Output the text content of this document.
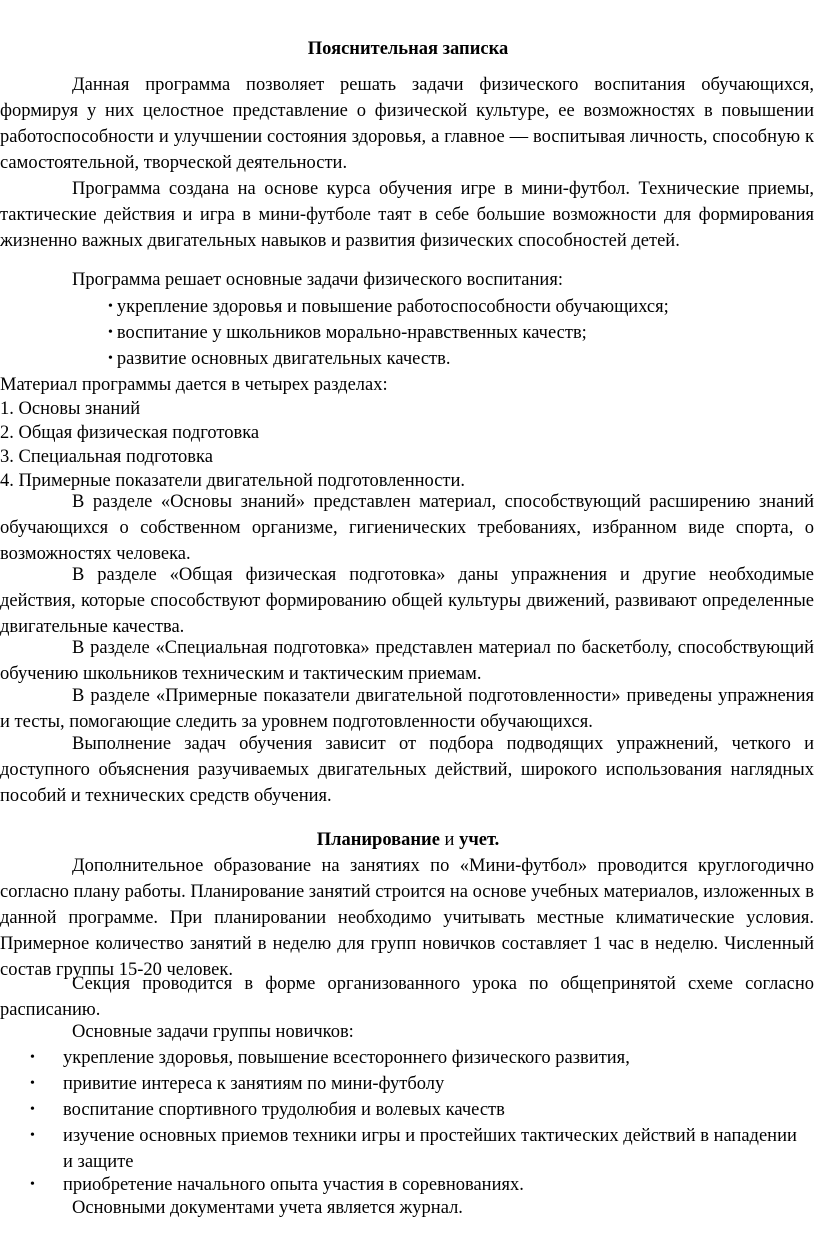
Пояснительная записка

Данная программа позволяет решать задачи физического воспитания обучающихся, формируя у них целостное представление о физической культуре, ее возможностях в повышении работоспособности и улучшении состояния здоровья, а главное — воспитывая личность, способную к самостоятельной, творческой деятельности.

Программа создана на основе курса обучения игре в мини-футбол. Технические приемы, тактические действия и игра в мини-футболе таят в себе большие возможности для формирования жизненно важных двигательных навыков и развития физических способностей детей.

Программа решает основные задачи физического воспитания:
• укрепление здоровья и повышение работоспособности обучающихся;
• воспитание у школьников морально-нравственных качеств;
• развитие основных двигательных качеств.
Материал программы дается в четырех разделах:
1. Основы знаний
2. Общая физическая подготовка
3. Специальная подготовка
4. Примерные показатели двигательной подготовленности.

В разделе «Основы знаний» представлен материал, способствующий расширению знаний обучающихся о собственном организме, гигиенических требованиях, избранном виде спорта, о возможностях человека.

В разделе «Общая физическая подготовка» даны упражнения и другие необходимые действия, которые способствуют формированию общей культуры движений, развивают определенные двигательные качества.

В разделе «Специальная подготовка» представлен материал по баскетболу, способствующий обучению школьников техническим и тактическим приемам.

В разделе «Примерные показатели двигательной подготовленности» приведены упражнения и тесты, помогающие следить за уровнем подготовленности обучающихся.

Выполнение задач обучения зависит от подбора подводящих упражнений, четкого и доступного объяснения разучиваемых двигательных действий, широкого использования наглядных пособий и технических средств обучения.

Планирование и учет.

Дополнительное образование на занятиях по «Мини-футбол» проводится круглогодично согласно плану работы. Планирование занятий строится на основе учебных материалов, изложенных в данной программе. При планировании необходимо учитывать местные климатические условия. Примерное количество занятий в неделю для групп новичков составляет 1 час в неделю. Численный состав группы 15-20 человек.

Секция проводится в форме организованного урока по общепринятой схеме согласно расписанию.

Основные задачи группы новичков:
• укрепление здоровья, повышение всестороннего физического развития,
• привитие интереса к занятиям по мини-футболу
• воспитание спортивного трудолюбия и волевых качеств
• изучение основных приемов техники игры и простейших тактических действий в нападении и защите
• приобретение начального опыта участия в соревнованиях.
Основными документами учета является журнал.
